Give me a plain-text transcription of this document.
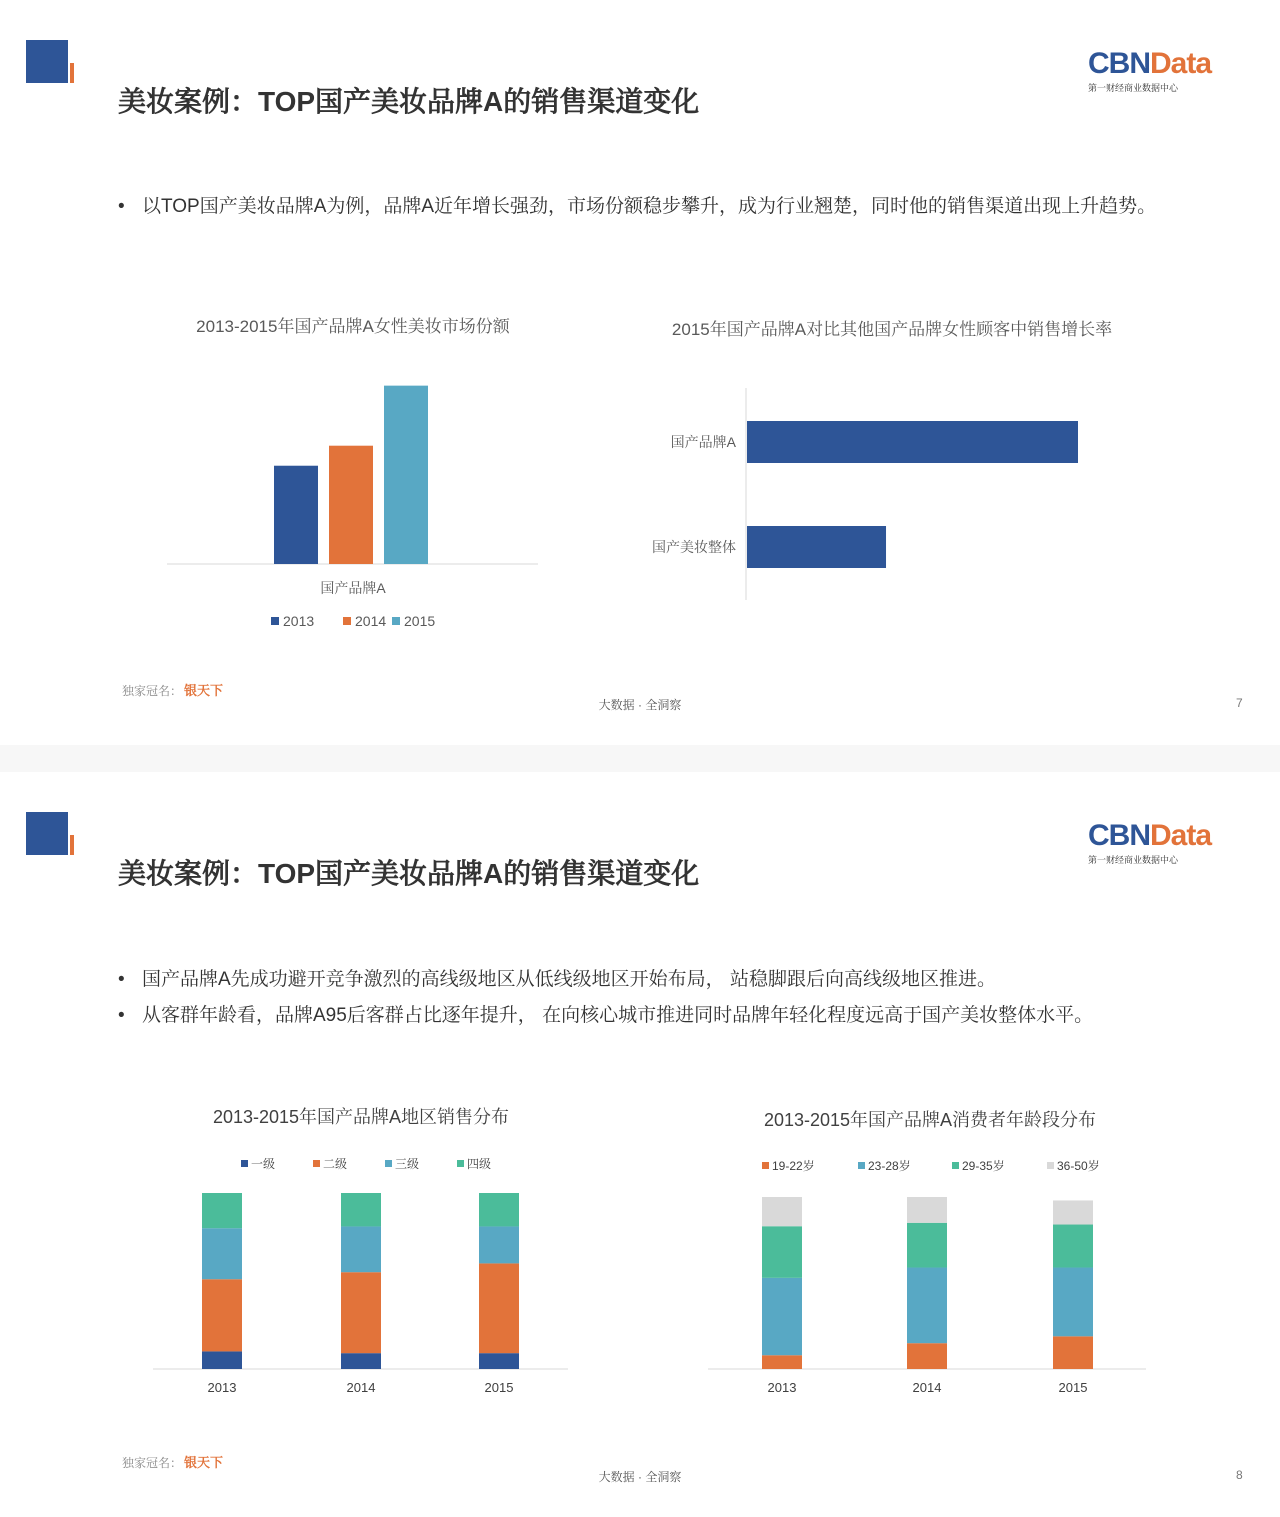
美妆案例：TOP国产美妆品牌A的销售渠道变化
CBNData
第一财经商业数据中心
• 以TOP国产美妆品牌A为例，品牌A近年增长强劲，市场份额稳步攀升，成为行业翘楚，同时他的销售渠道出现上升趋势。
2013-2015年国产品牌A女性美妆市场份额
国产品牌A
2013	2014 2015
2015年国产品牌A对比其他国产品牌女性顾客中销售增长率
国产品牌A
国产美妆整体
独家冠名： 银天下
大数据 · 全洞察	7
美妆案例：TOP国产美妆品牌A的销售渠道变化
CBNData
第一财经商业数据中心
• 国产品牌A先成功避开竞争激烈的高线级地区从低线级地区开始布局， 站稳脚跟后向高线级地区推进。
• 从客群年龄看，品牌A95后客群占比逐年提升， 在向核心城市推进同时品牌年轻化程度远高于国产美妆整体水平。
2013-2015年国产品牌A地区销售分布
一级	二级	三级	四级
2013	2014	2015
2013-2015年国产品牌A消费者年龄段分布
19-22岁	23-28岁	29-35岁	36-50岁
2013	2014	2015
独家冠名： 银天下
大数据 · 全洞察	8
